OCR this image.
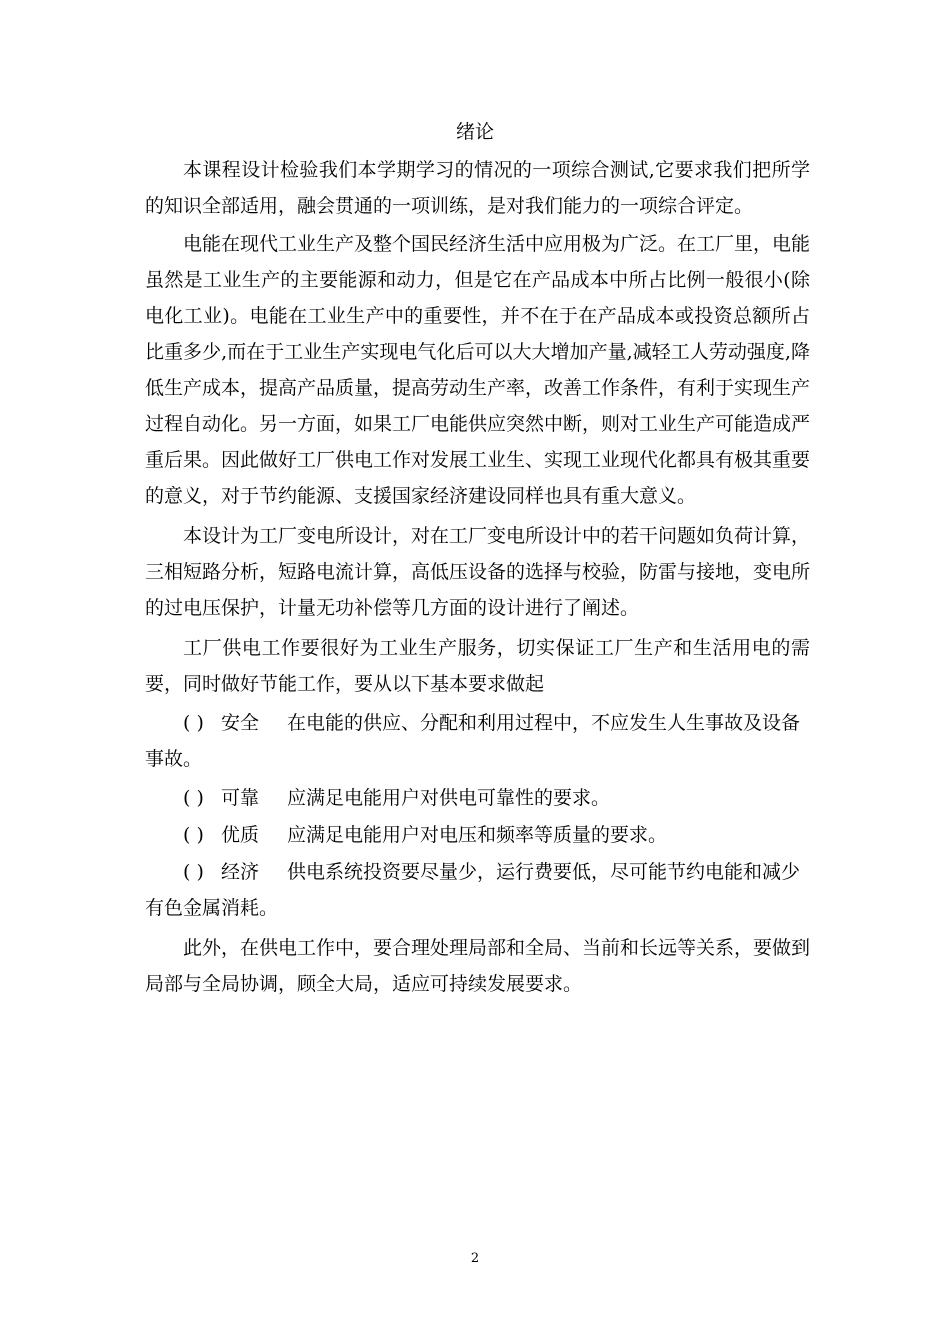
绪论
本课程设计检验我们本学期学习的情况的一项综合测试,它要求我们把所学的知识全部适用，融会贯通的一项训练，是对我们能力的一项综合评定。
电能在现代工业生产及整个国民经济生活中应用极为广泛。在工厂里，电能虽然是工业生产的主要能源和动力，但是它在产品成本中所占比例一般很小(除电化工业)。电能在工业生产中的重要性，并不在于在产品成本或投资总额所占比重多少,而在于工业生产实现电气化后可以大大增加产量,减轻工人劳动强度,降低生产成本，提高产品质量，提高劳动生产率，改善工作条件，有利于实现生产过程自动化。另一方面，如果工厂电能供应突然中断，则对工业生产可能造成严重后果。因此做好工厂供电工作对发展工业生、实现工业现代化都具有极其重要的意义，对于节约能源、支援国家经济建设同样也具有重大意义。
本设计为工厂变电所设计，对在工厂变电所设计中的若干问题如负荷计算，三相短路分析，短路电流计算，高低压设备的选择与校验，防雷与接地，变电所的过电压保护，计量无功补偿等几方面的设计进行了阐述。
工厂供电工作要很好为工业生产服务，切实保证工厂生产和生活用电的需要，同时做好节能工作，要从以下基本要求做起
( ) 安全 在电能的供应、分配和利用过程中，不应发生人生事故及设备
事故。
( ) 可靠 应满足电能用户对供电可靠性的要求。
( ) 优质 应满足电能用户对电压和频率等质量的要求。
( ) 经济 供电系统投资要尽量少，运行费要低，尽可能节约电能和减少
有色金属消耗。
此外，在供电工作中，要合理处理局部和全局、当前和长远等关系，要做到局部与全局协调，顾全大局，适应可持续发展要求。
2
